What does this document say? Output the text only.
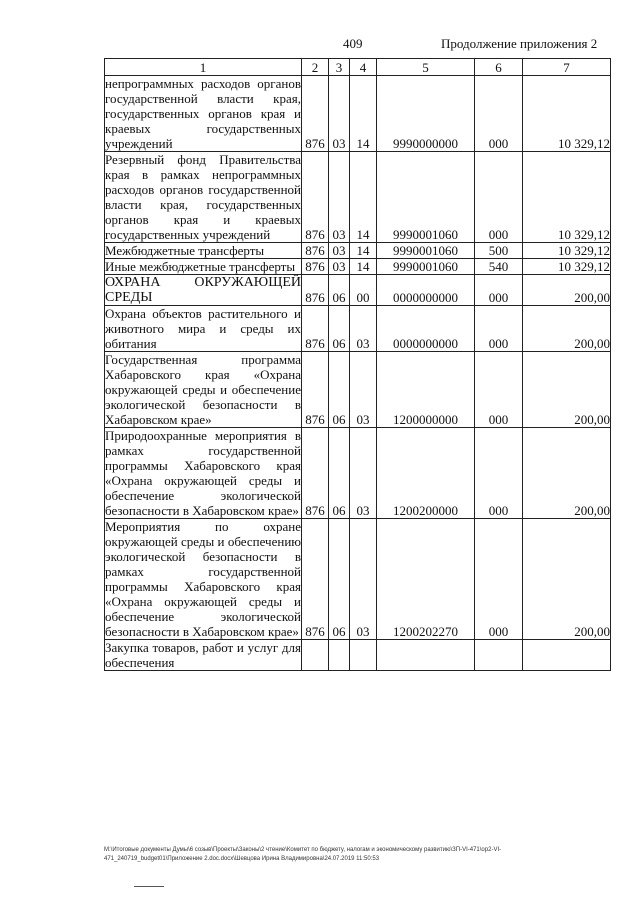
409	Продолжение приложения 2
1	2	3	4	5	6	7
непрограммных расходов органов государственной власти края, государственных органов края и краевых государственных учреждений	876	03	14	9990000000	000	10 329,12
Резервный фонд Правительства края в рамках непрограммных расходов органов государственной власти края, государственных органов края и краевых государственных учреждений	876	03	14	9990001060	000	10 329,12
Межбюджетные трансферты	876	03	14	9990001060	500	10 329,12
Иные межбюджетные трансферты	876	03	14	9990001060	540	10 329,12
ОХРАНА ОКРУЖАЮЩЕЙ СРЕДЫ	876	06	00	0000000000	000	200,00
Охрана объектов растительного и животного мира и среды их обитания	876	06	03	0000000000	000	200,00
Государственная программа Хабаровского края «Охрана окружающей среды и обеспечение экологической безопасности в Хабаровском крае»	876	06	03	1200000000	000	200,00
Природоохранные мероприятия в рамках государственной программы Хабаровского края «Охрана окружающей среды и обеспечение экологической безопасности в Хабаровском крае»	876	06	03	1200200000	000	200,00
Мероприятия по охране окружающей среды и обеспечению экологической безопасности в рамках государственной программы Хабаровского края «Охрана окружающей среды и обеспечение экологической безопасности в Хабаровском крае»	876	06	03	1200202270	000	200,00
Закупка товаров, работ и услуг для обеспечения						
M:\Итоговые документы Думы\6 созыв\Проекты\Законы\2 чтение\Комитет по бюджету, налогам и экономическому развитию\ЗП-VI-471\ор2-VI-
471_240719_budget01\Приложение 2.doc.docx\Шевцова Ирина Владимировна\24.07.2019 11:50:53
